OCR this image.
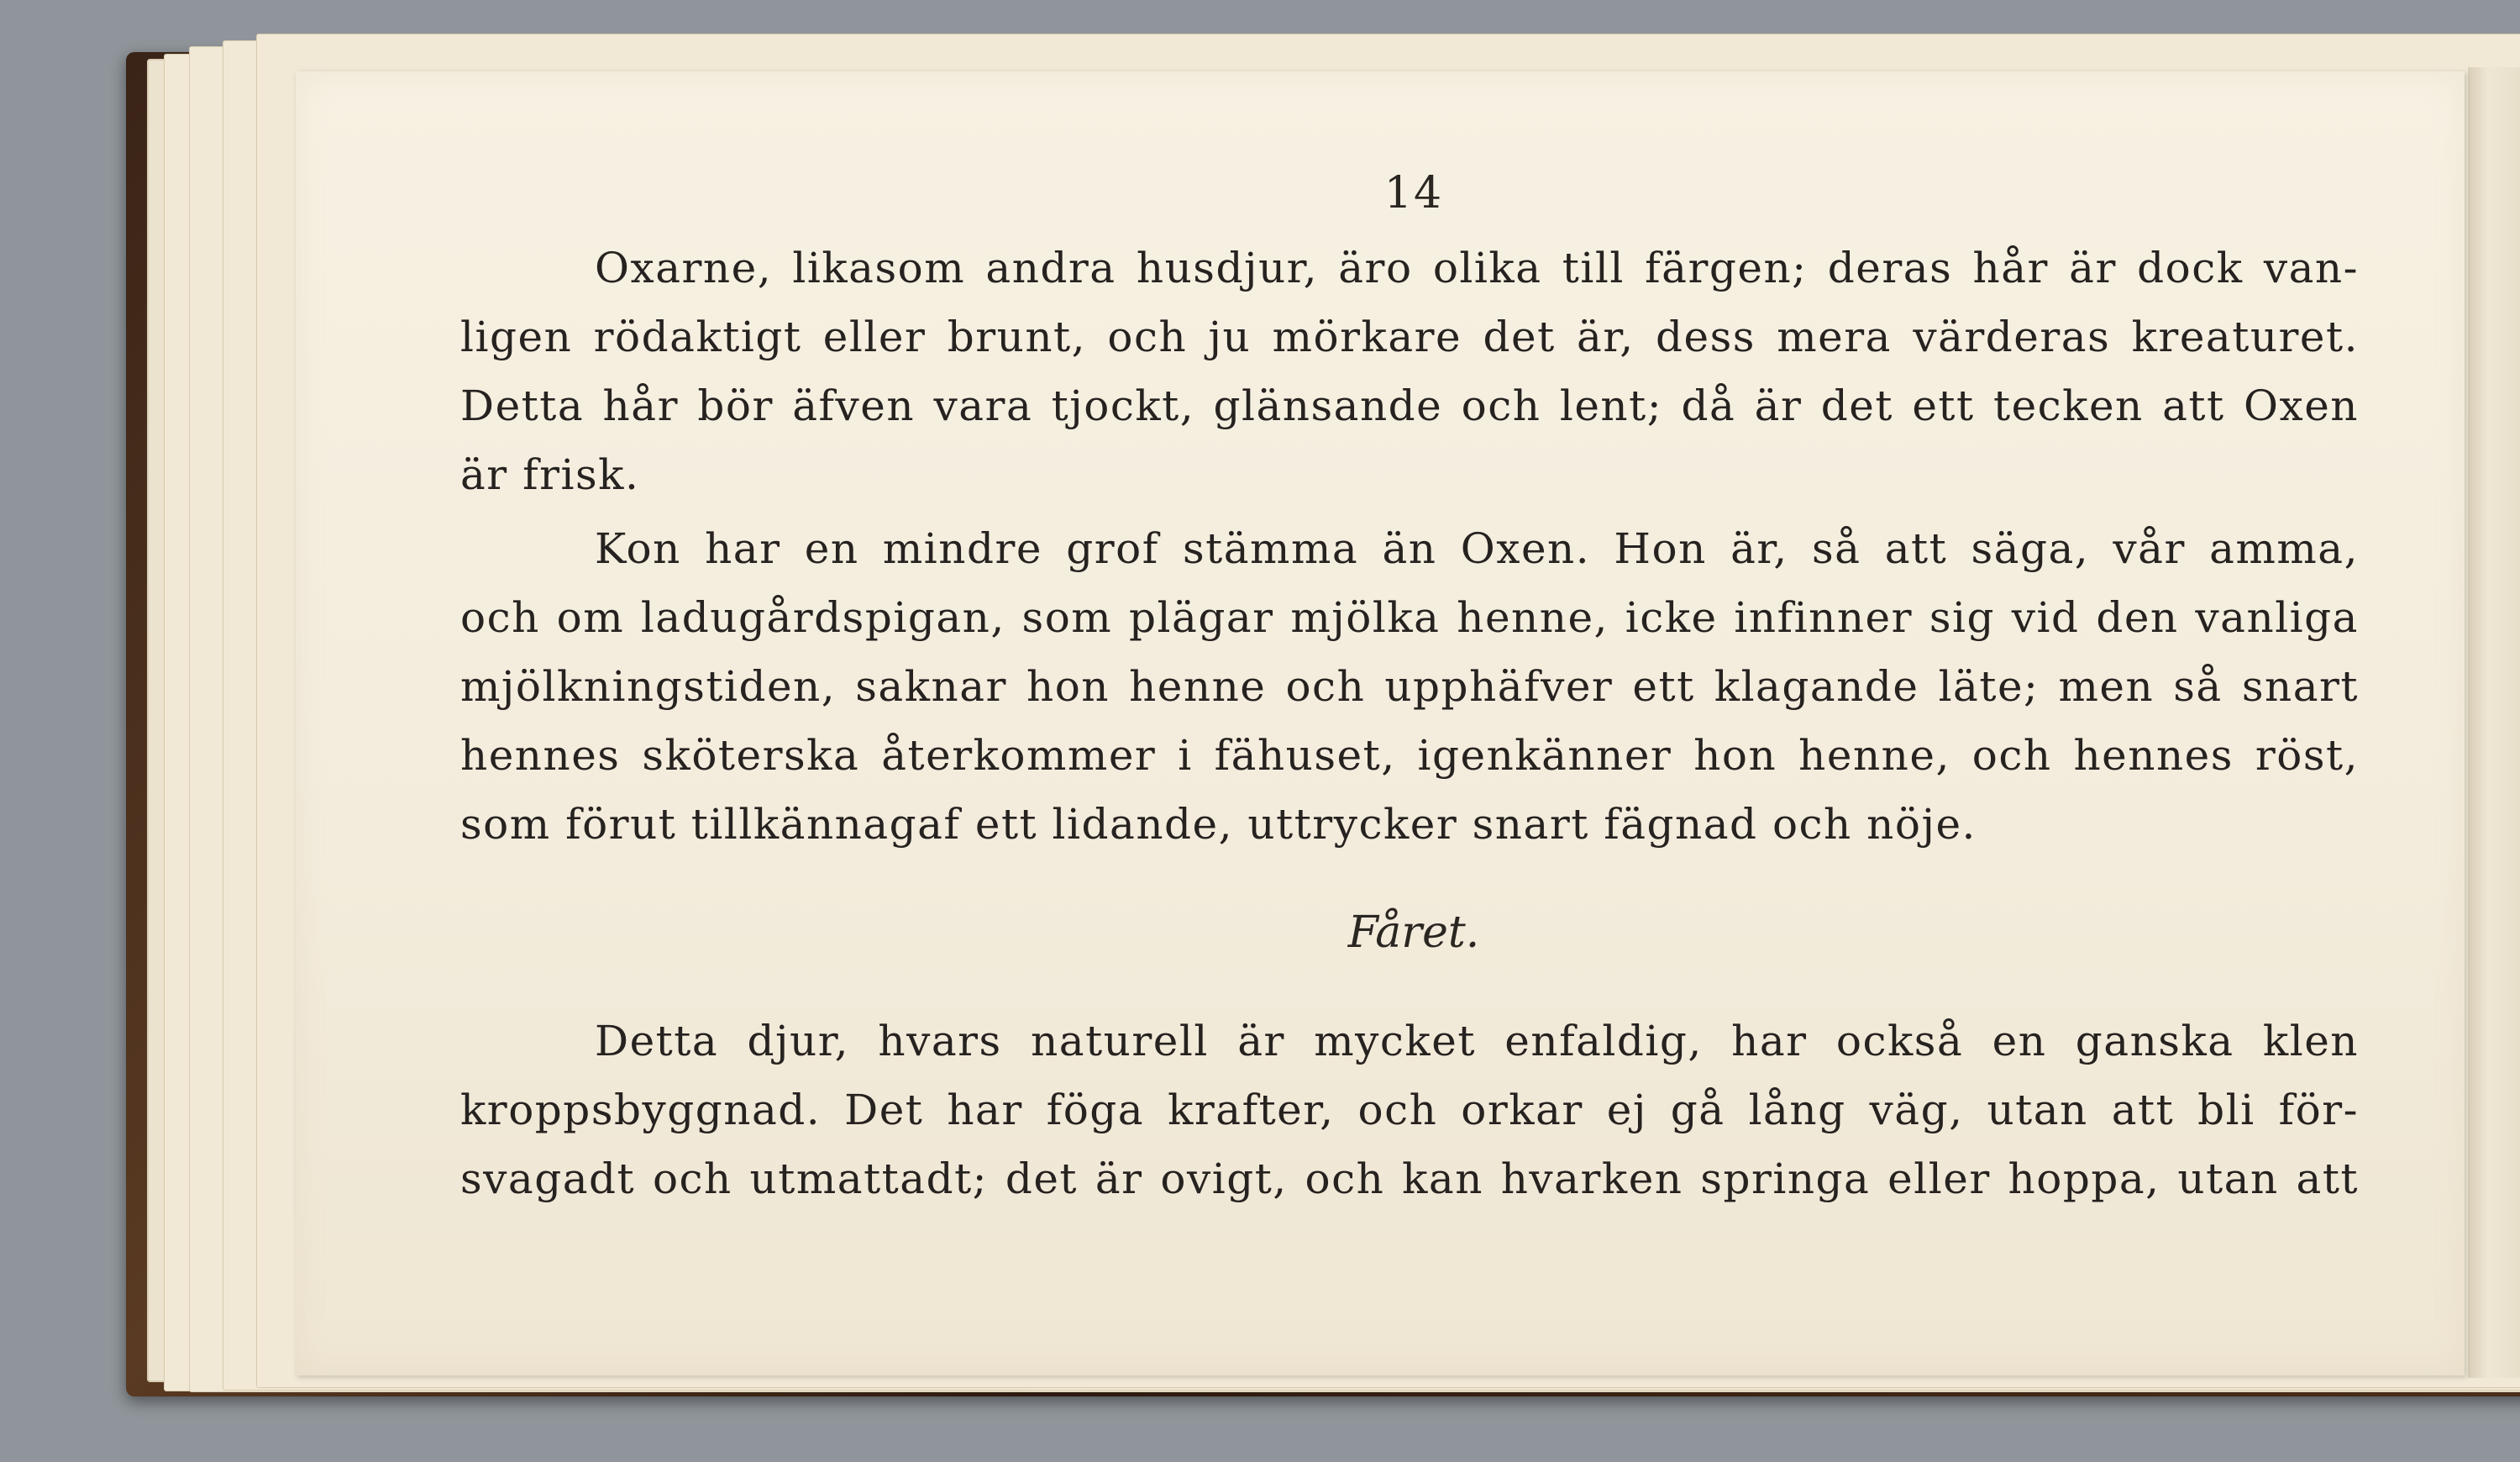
14
Oxarne, likasom andra husdjur, äro olika till färgen; deras hår är dock van-
ligen rödaktigt eller brunt, och ju mörkare det är, dess mera värderas kreaturet.
Detta hår bör äfven vara tjockt, glänsande och lent; då är det ett tecken att Oxen
är frisk.
Kon har en mindre grof stämma än Oxen. Hon är, så att säga, vår amma,
och om ladugårdspigan, som plägar mjölka henne, icke infinner sig vid den vanliga
mjölkningstiden, saknar hon henne och upphäfver ett klagande läte; men så snart
hennes sköterska återkommer i fähuset, igenkänner hon henne, och hennes röst,
som förut tillkännagaf ett lidande, uttrycker snart fägnad och nöje.
Fåret.
Detta djur, hvars naturell är mycket enfaldig, har också en ganska klen
kroppsbyggnad. Det har föga krafter, och orkar ej gå lång väg, utan att bli för-
svagadt och utmattadt; det är ovigt, och kan hvarken springa eller hoppa, utan att
